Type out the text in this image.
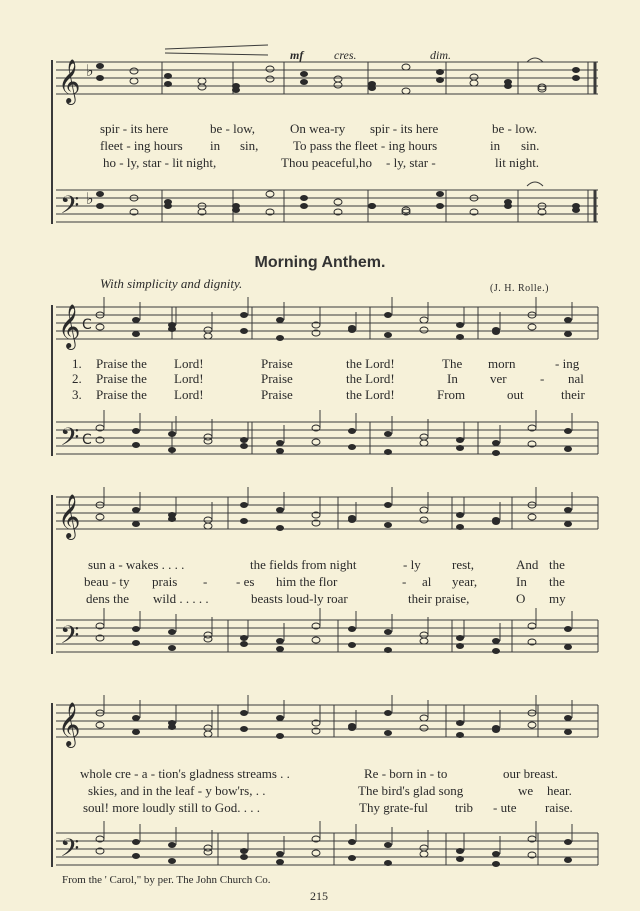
𝄞
𝄢
♭
♭
mf	cres.	dim.
spir - its here	be - low,	On wea-ry spir - its here	be - low.
fleet - ing hours in sin,	To pass the fleet - ing hours	in sin.
ho - ly, star - lit night,	Thou peaceful,ho - ly, star -	lit night.
Morning Anthem.
With simplicity and dignity.	(J. H. Rolle.)
𝄞
𝄢
C
C
𝄞
𝄢
𝄞
𝄢
1. Praise the Lord!	Praise	the Lord!	The morn	- ing
2. Praise the Lord!	Praise	the Lord!	In ver	- nal
3. Praise the Lord!	Praise	the Lord!	From	out	their
sun a - wakes . . . .	the fields from night	- ly rest,	And the
beau - ty prais - - es him the flor	- al year,	In the
dens the wild . . . . .	beasts loud-ly roar	their praise,	O my
whole cre - a - tion's gladness streams . .	Re - born in - to	our breast.
skies, and in the leaf - y bow'rs, . .	The bird's glad song	we hear.
soul! more loudly still to God. . . .	Thy grate-ful trib - ute raise.
From the ' Carol," by per. The John Church Co.
215
